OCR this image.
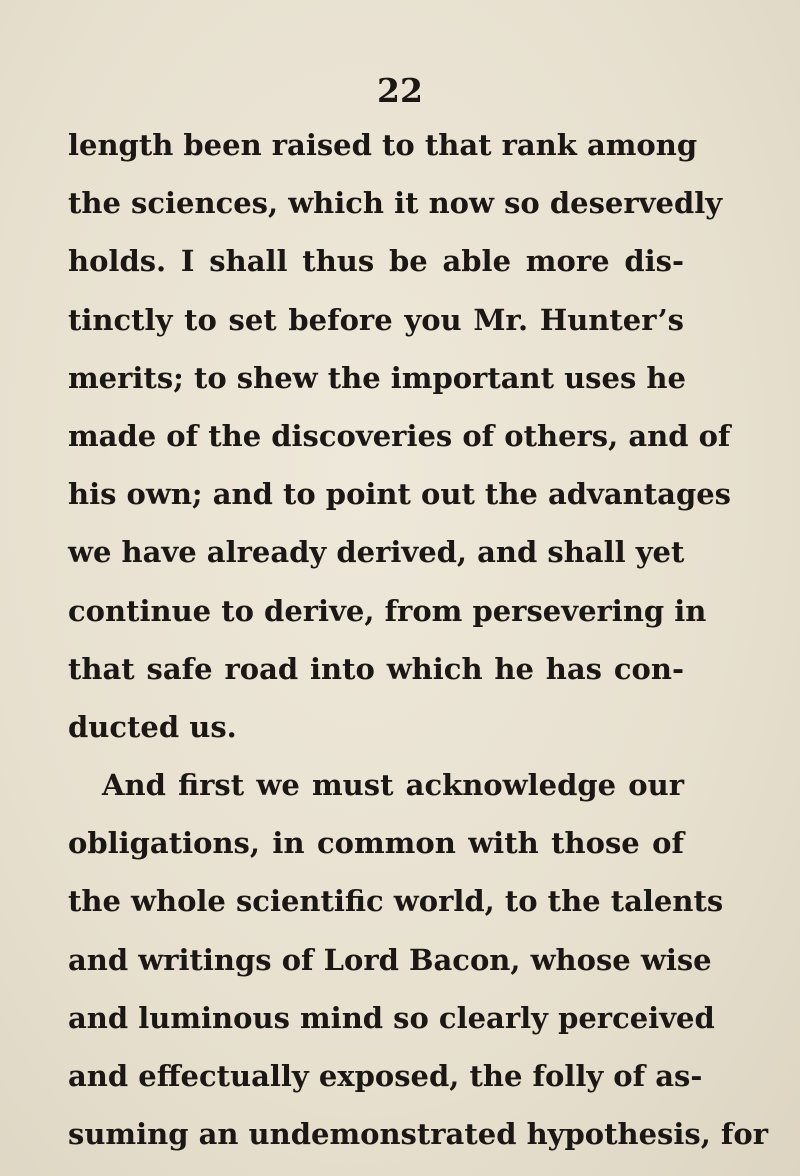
22

length been raised to that rank among
the sciences, which it now so deservedly
holds. I shall thus be able more dis-
tinctly to set before you Mr. Hunter’s
merits; to shew the important uses he
made of the discoveries of others, and of
his own; and to point out the advantages
we have already derived, and shall yet
continue to derive, from persevering in
that safe road into which he has con-
ducted us.
And first we must acknowledge our
obligations, in common with those of
the whole scientific world, to the talents
and writings of Lord Bacon, whose wise
and luminous mind so clearly perceived
and effectually exposed, the folly of as-
suming an undemonstrated hypothesis, for
